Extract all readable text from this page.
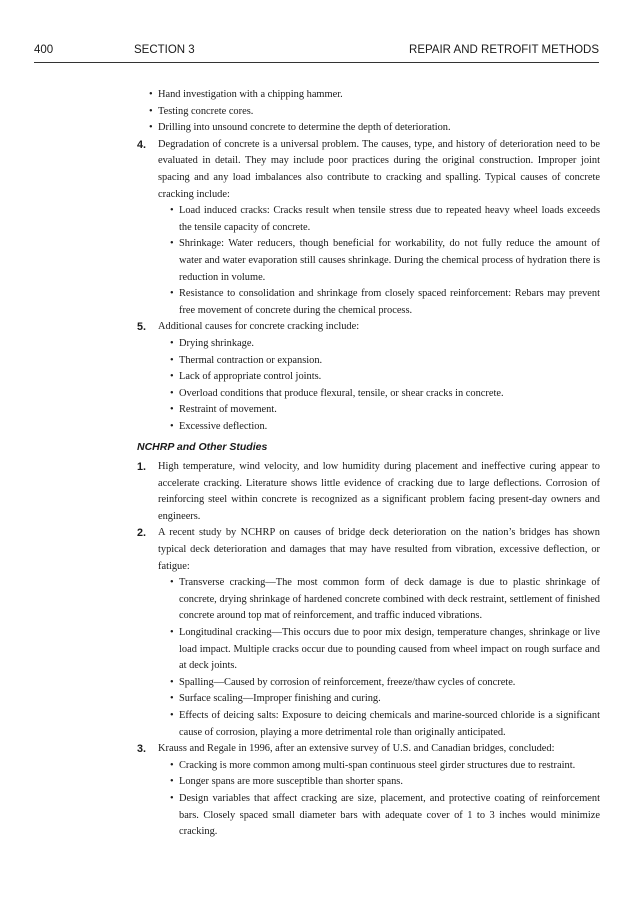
400	SECTION 3	REPAIR AND RETROFIT METHODS
• Hand investigation with a chipping hammer.
• Testing concrete cores.
• Drilling into unsound concrete to determine the depth of deterioration.
4. Degradation of concrete is a universal problem. The causes, type, and history of deterioration need to be evaluated in detail. They may include poor practices during the original construction. Improper joint spacing and any load imbalances also contribute to cracking and spalling. Typical causes of concrete cracking include:
• Load induced cracks: Cracks result when tensile stress due to repeated heavy wheel loads exceeds the tensile capacity of concrete.
• Shrinkage: Water reducers, though beneficial for workability, do not fully reduce the amount of water and water evaporation still causes shrinkage. During the chemical process of hydration there is reduction in volume.
• Resistance to consolidation and shrinkage from closely spaced reinforcement: Rebars may prevent free movement of concrete during the chemical process.
5. Additional causes for concrete cracking include:
• Drying shrinkage.
• Thermal contraction or expansion.
• Lack of appropriate control joints.
• Overload conditions that produce flexural, tensile, or shear cracks in concrete.
• Restraint of movement.
• Excessive deflection.
NCHRP and Other Studies
1. High temperature, wind velocity, and low humidity during placement and ineffective curing appear to accelerate cracking. Literature shows little evidence of cracking due to large deflections. Corrosion of reinforcing steel within concrete is recognized as a significant problem facing present-day owners and engineers.
2. A recent study by NCHRP on causes of bridge deck deterioration on the nation’s bridges has shown typical deck deterioration and damages that may have resulted from vibration, excessive deflection, or fatigue:
• Transverse cracking—The most common form of deck damage is due to plastic shrinkage of concrete, drying shrinkage of hardened concrete combined with deck restraint, settlement of finished concrete around top mat of reinforcement, and traffic induced vibrations.
• Longitudinal cracking—This occurs due to poor mix design, temperature changes, shrinkage or live load impact. Multiple cracks occur due to pounding caused from wheel impact on rough surface and at deck joints.
• Spalling—Caused by corrosion of reinforcement, freeze/thaw cycles of concrete.
• Surface scaling—Improper finishing and curing.
• Effects of deicing salts: Exposure to deicing chemicals and marine-sourced chloride is a significant cause of corrosion, playing a more detrimental role than originally anticipated.
3. Krauss and Regale in 1996, after an extensive survey of U.S. and Canadian bridges, concluded:
• Cracking is more common among multi-span continuous steel girder structures due to restraint.
• Longer spans are more susceptible than shorter spans.
• Design variables that affect cracking are size, placement, and protective coating of reinforcement bars. Closely spaced small diameter bars with adequate cover of 1 to 3 inches would minimize cracking.
